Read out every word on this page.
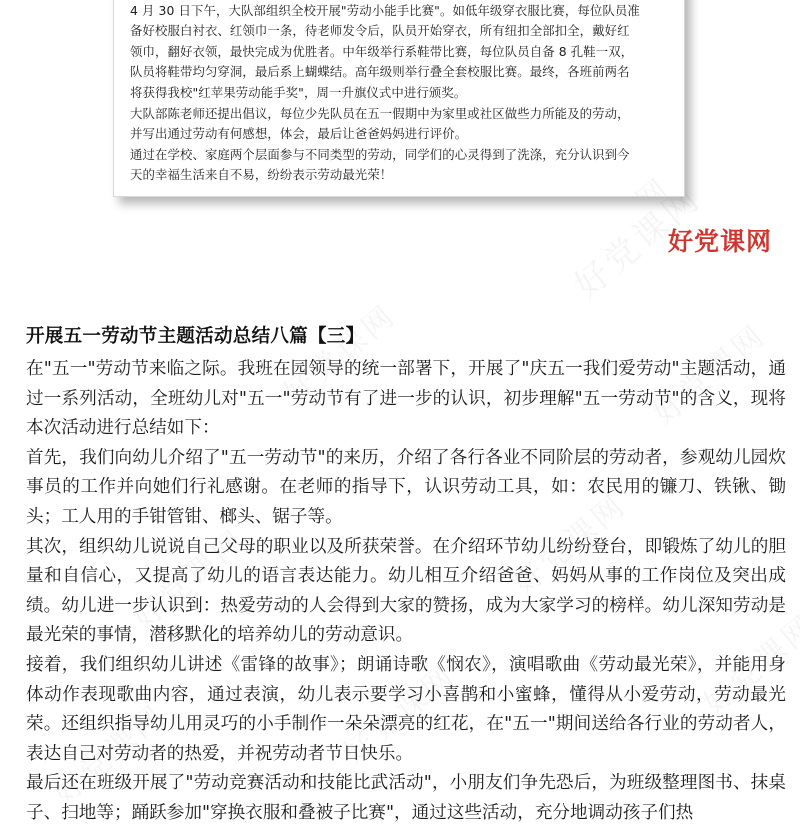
4 月 30 日下午，大队部组织全校开展"劳动小能手比赛"。如低年级穿衣服比赛，每位队员准
备好校服白衬衣、红领巾一条，待老师发令后，队员开始穿衣，所有纽扣全部扣全，戴好红
领巾，翻好衣领，最快完成为优胜者。中年级举行系鞋带比赛，每位队员自备 8 孔鞋一双，
队员将鞋带均匀穿洞，最后系上蝴蝶结。高年级则举行叠全套校服比赛。最终，各班前两名
将获得我校"红苹果劳动能手奖"，周一升旗仪式中进行颁奖。
大队部陈老师还提出倡议，每位少先队员在五一假期中为家里或社区做些力所能及的劳动，
并写出通过劳动有何感想，体会，最后让爸爸妈妈进行评价。
通过在学校、家庭两个层面参与不同类型的劳动，同学们的心灵得到了洗涤，充分认识到今
天的幸福生活来自不易，纷纷表示劳动最光荣！
好党课网
开展五一劳动节主题活动总结八篇【三】

在"五一"劳动节来临之际。我班在园领导的统一部署下，开展了"庆五一我们爱劳动"主题活动，通过一系列活动，全班幼儿对"五一"劳动节有了进一步的认识，初步理解"五一劳动节"的含义，现将本次活动进行总结如下：

首先，我们向幼儿介绍了"五一劳动节"的来历，介绍了各行各业不同阶层的劳动者，参观幼儿园炊事员的工作并向她们行礼感谢。在老师的指导下，认识劳动工具，如：农民用的镰刀、铁锹、锄头；工人用的手钳管钳、榔头、锯子等。

其次，组织幼儿说说自己父母的职业以及所获荣誉。在介绍环节幼儿纷纷登台，即锻炼了幼儿的胆量和自信心，又提高了幼儿的语言表达能力。幼儿相互介绍爸爸、妈妈从事的工作岗位及突出成绩。幼儿进一步认识到：热爱劳动的人会得到大家的赞扬，成为大家学习的榜样。幼儿深知劳动是最光荣的事情，潜移默化的培养幼儿的劳动意识。

接着，我们组织幼儿讲述《雷锋的故事》；朗诵诗歌《悯农》，演唱歌曲《劳动最光荣》，并能用身体动作表现歌曲内容，通过表演，幼儿表示要学习小喜鹊和小蜜蜂，懂得从小爱劳动，劳动最光荣。还组织指导幼儿用灵巧的小手制作一朵朵漂亮的红花，在"五一"期间送给各行业的劳动者人，表达自己对劳动者的热爱，并祝劳动者节日快乐。

最后还在班级开展了"劳动竞赛活动和技能比武活动"，小朋友们争先恐后，为班级整理图书、抹桌子、扫地等；踊跃参加"穿换衣服和叠被子比赛"，通过这些活动，充分地调动孩子们热
